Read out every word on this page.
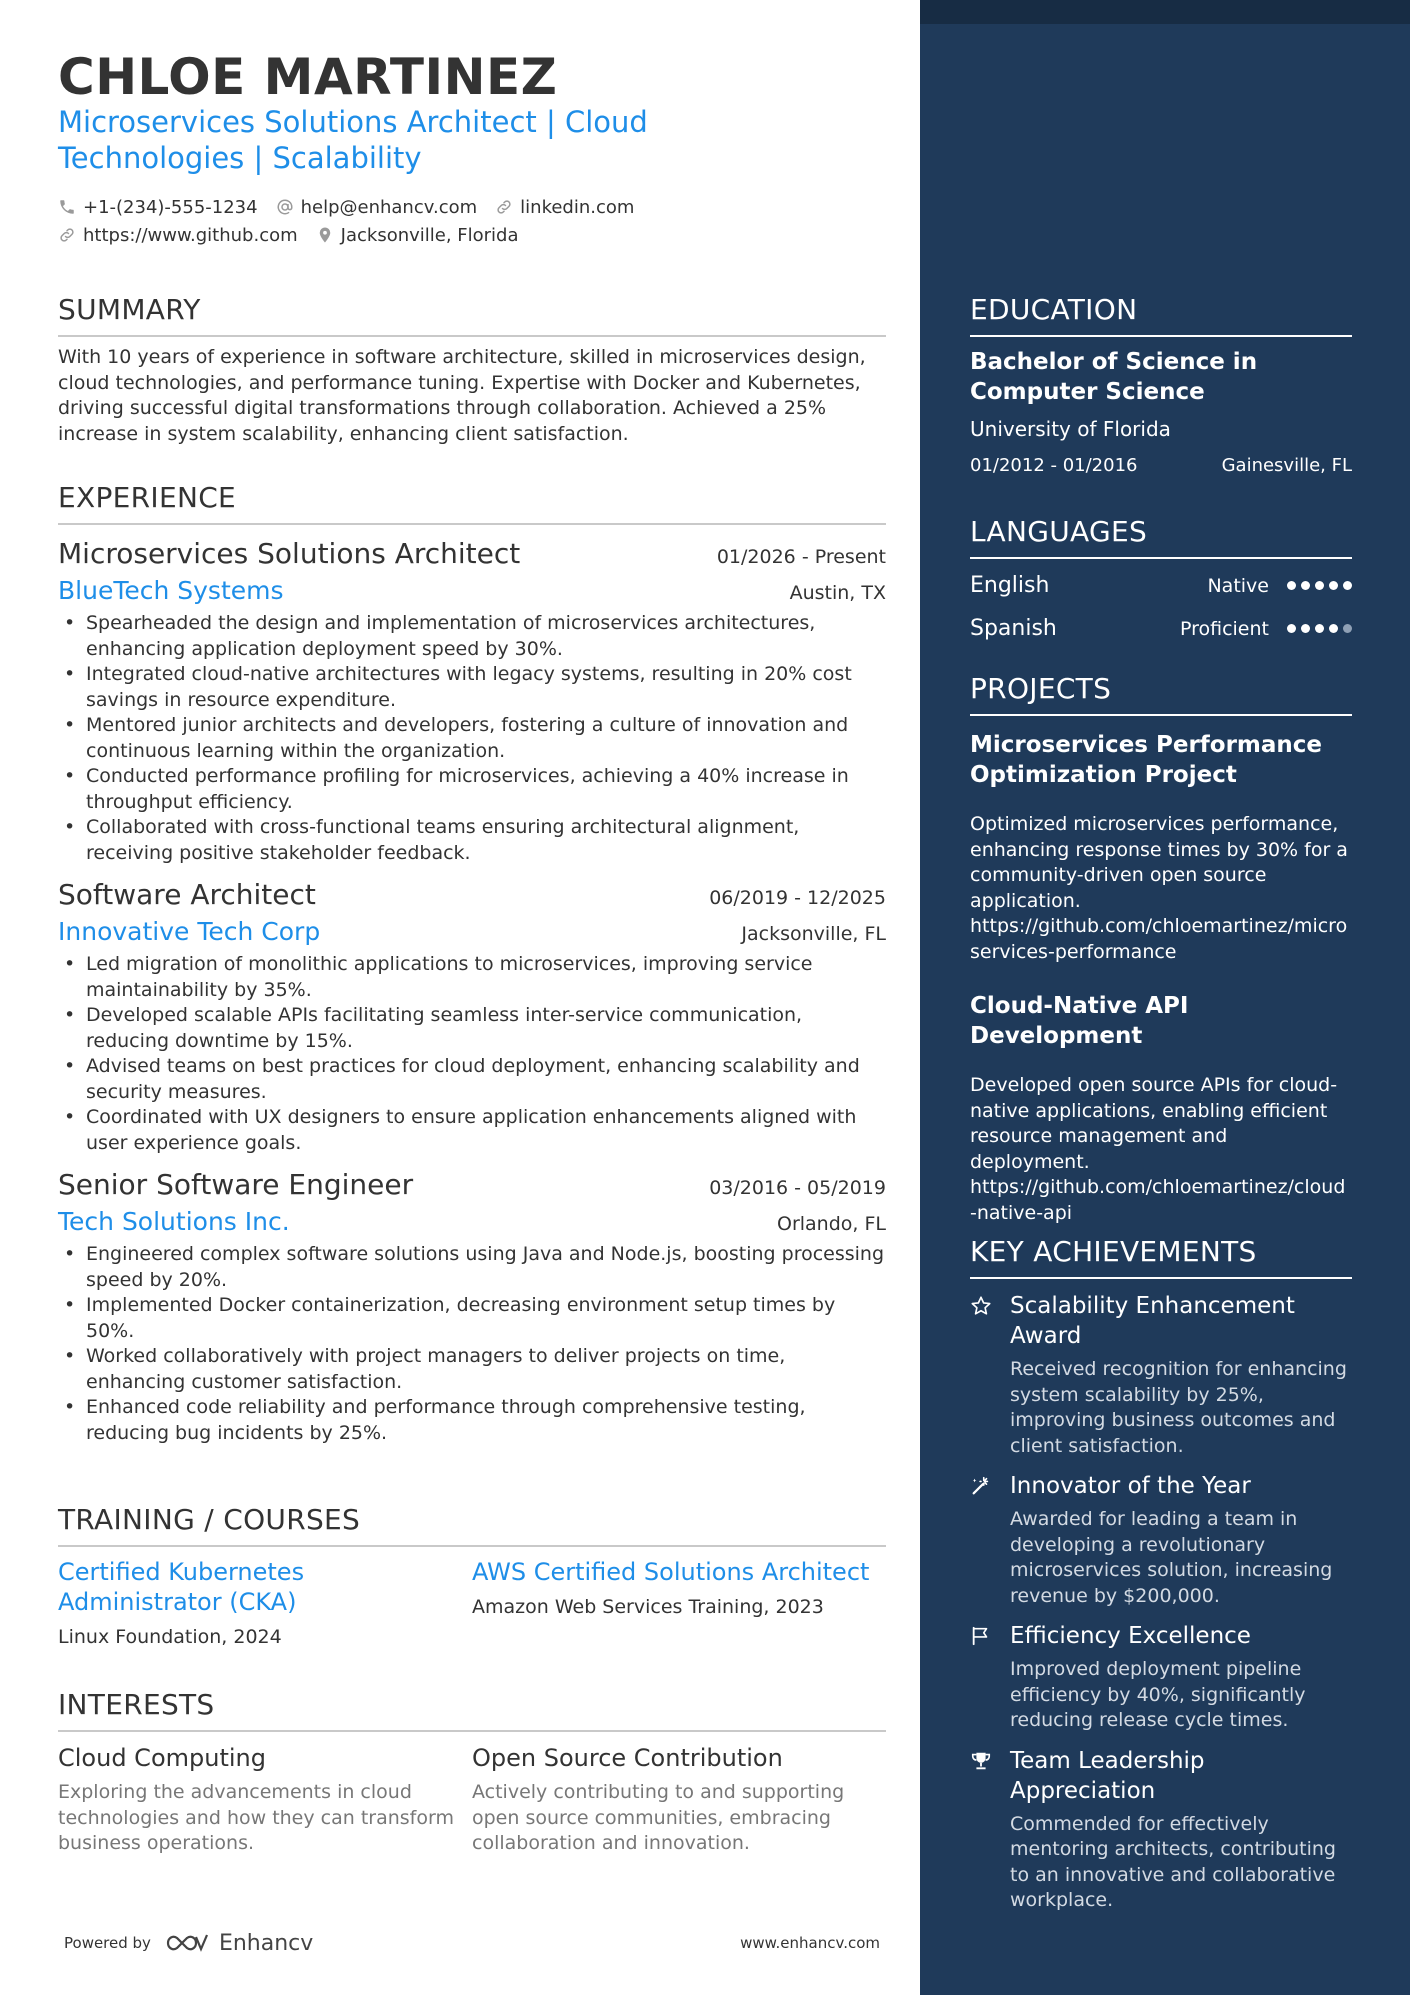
CHLOE MARTINEZ
Microservices Solutions Architect | Cloud Technologies | Scalability
+1-(234)-555-1234 help@enhancv.com linkedin.com
https://www.github.com Jacksonville, Florida
SUMMARY

With 10 years of experience in software architecture, skilled in microservices design, cloud technologies, and performance tuning. Expertise with Docker and Kubernetes, driving successful digital transformations through collaboration. Achieved a 25% increase in system scalability, enhancing client satisfaction.

EXPERIENCE
Microservices Solutions Architect	01/2026 - Present
BlueTech Systems	Austin, TX
• Spearheaded the design and implementation of microservices architectures, enhancing application deployment speed by 30%.
• Integrated cloud-native architectures with legacy systems, resulting in 20% cost savings in resource expenditure.
• Mentored junior architects and developers, fostering a culture of innovation and continuous learning within the organization.
• Conducted performance profiling for microservices, achieving a 40% increase in throughput efficiency.
• Collaborated with cross-functional teams ensuring architectural alignment, receiving positive stakeholder feedback.
Software Architect	06/2019 - 12/2025
Innovative Tech Corp	Jacksonville, FL
• Led migration of monolithic applications to microservices, improving service maintainability by 35%.
• Developed scalable APIs facilitating seamless inter-service communication, reducing downtime by 15%.
• Advised teams on best practices for cloud deployment, enhancing scalability and security measures.
• Coordinated with UX designers to ensure application enhancements aligned with user experience goals.
Senior Software Engineer	03/2016 - 05/2019
Tech Solutions Inc.	Orlando, FL
• Engineered complex software solutions using Java and Node.js, boosting processing speed by 20%.
• Implemented Docker containerization, decreasing environment setup times by 50%.
• Worked collaboratively with project managers to deliver projects on time, enhancing customer satisfaction.
• Enhanced code reliability and performance through comprehensive testing, reducing bug incidents by 25%.
TRAINING / COURSES
Certified Kubernetes Administrator (CKA)
Linux Foundation, 2024
AWS Certified Solutions Architect
Amazon Web Services Training, 2023
INTERESTS
Cloud Computing
Exploring the advancements in cloud technologies and how they can transform business operations.
Open Source Contribution
Actively contributing to and supporting open source communities, embracing collaboration and innovation.
Powered by	Enhancv	www.enhancv.com
EDUCATION
Bachelor of Science in Computer Science
University of Florida
01/2012 - 01/2016	Gainesville, FL
LANGUAGES
English	Native
Spanish	Proficient
PROJECTS
Microservices Performance Optimization Project
Optimized microservices performance, enhancing response times by 30% for a community-driven open source application.
https://github.com/chloemartinez/microservices-performance
Cloud-Native API Development
Developed open source APIs for cloud-native applications, enabling efficient resource management and deployment.
https://github.com/chloemartinez/cloud-native-api
KEY ACHIEVEMENTS
Scalability Enhancement Award
Received recognition for enhancing system scalability by 25%, improving business outcomes and client satisfaction.
Innovator of the Year
Awarded for leading a team in developing a revolutionary microservices solution, increasing revenue by $200,000.
Efficiency Excellence
Improved deployment pipeline efficiency by 40%, significantly reducing release cycle times.
Team Leadership Appreciation
Commended for effectively mentoring architects, contributing to an innovative and collaborative workplace.
